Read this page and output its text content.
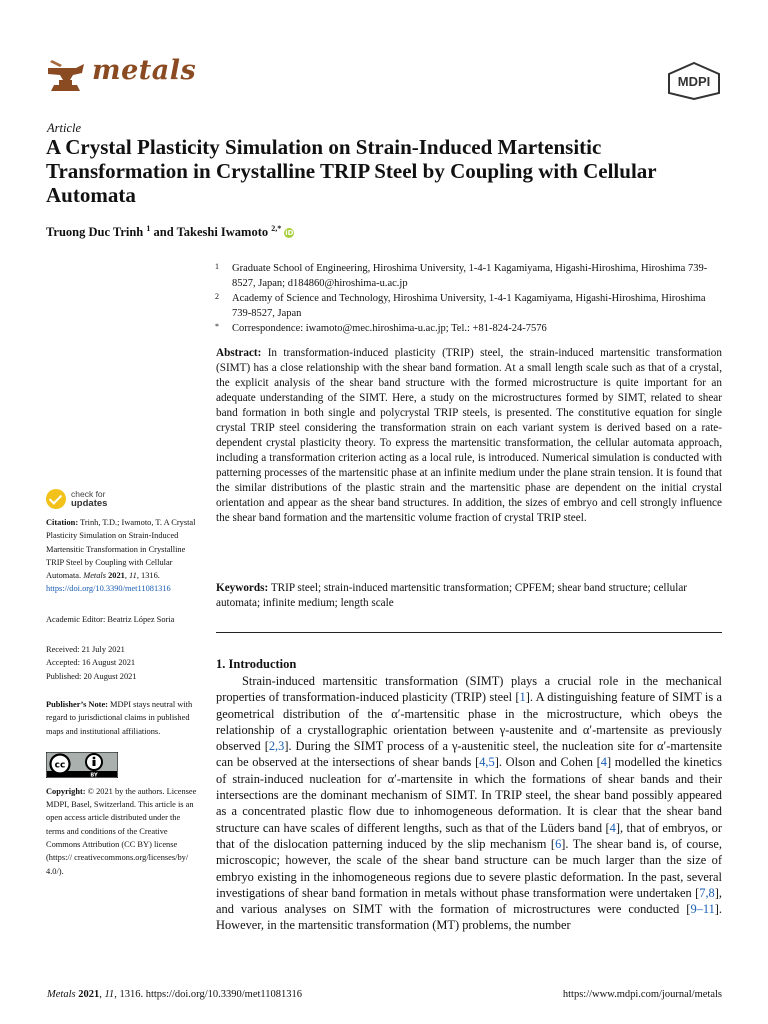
metals	MDPI
Article
A Crystal Plasticity Simulation on Strain-Induced Martensitic Transformation in Crystalline TRIP Steel by Coupling with Cellular Automata
Truong Duc Trinh $^1$ and Takeshi Iwamoto $^{2,*}$ iD
1	Graduate School of Engineering, Hiroshima University, 1-4-1 Kagamiyama, Higashi-Hiroshima, Hiroshima 739-8527, Japan; d184860@hiroshima-u.ac.jp
2	Academy of Science and Technology, Hiroshima University, 1-4-1 Kagamiyama, Higashi-Hiroshima, Hiroshima 739-8527, Japan
*	Correspondence: iwamoto@mec.hiroshima-u.ac.jp; Tel.: +81-824-24-7576

Abstract: In transformation-induced plasticity (TRIP) steel, the strain-induced martensitic transformation (SIMT) has a close relationship with the shear band formation. At a small length scale such as that of a crystal, the explicit analysis of the shear band structure with the formed microstructure is quite important for an adequate understanding of the SIMT. Here, a study on the microstructures formed by SIMT, related to shear band formation in both single and polycrystal TRIP steels, is presented. The constitutive equation for single crystal TRIP steel considering the transformation strain on each variant system is derived based on a rate-dependent crystal plasticity theory. To express the martensitic transformation, the cellular automata approach, including a transformation criterion acting as a local rule, is introduced. Numerical simulation is conducted with patterning processes of the martensitic phase at an infinite medium under the plane strain tension. It is found that the similar distributions of the plastic strain and the martensitic phase are dependent on the initial crystal orientation and appear as the shear band structures. In addition, the sizes of embryo and cell strongly influence the shear band formation and the martensitic volume fraction of crystal TRIP steel.

Keywords: TRIP steel; strain-induced martensitic transformation; CPFEM; shear band structure; cellular automata; infinite medium; length scale

check for
updates
Citation: Trinh, T.D.; Iwamoto, T. A Crystal Plasticity Simulation on Strain-Induced Martensitic Transformation in Crystalline TRIP Steel by Coupling with Cellular Automata. Metals 2021, 11, 1316. https://doi.org/10.3390/met11081316
Academic Editor: Beatriz López Soria
Received: 21 July 2021
Accepted: 16 August 2021
Published: 20 August 2021
Publisher’s Note: MDPI stays neutral with regard to jurisdictional claims in published maps and institutional affiliations.
cc
BY
Copyright: © 2021 by the authors. Licensee MDPI, Basel, Switzerland. This article is an open access article distributed under the terms and conditions of the Creative Commons Attribution (CC BY) license (https:// creativecommons.org/licenses/by/ 4.0/).
1. Introduction

Strain-induced martensitic transformation (SIMT) plays a crucial role in the mechanical properties of transformation-induced plasticity (TRIP) steel [1]. A distinguishing feature of SIMT is a geometrical distribution of the α′-martensitic phase in the microstructure, which obeys the relationship of a crystallographic orientation between γ-austenite and α′-martensite as previously observed [2,3]. During the SIMT process of a γ-austenitic steel, the nucleation site for α′-martensite can be observed at the intersections of shear bands [4,5]. Olson and Cohen [4] modelled the kinetics of strain-induced nucleation for α′-martensite in which the formations of shear bands and their intersections are the dominant mechanism of SIMT. In TRIP steel, the shear band possibly appeared as a concentrated plastic flow due to inhomogeneous deformation. It is clear that the shear band structure can have scales of different lengths, such as that of the Lüders band [4], that of embryos, or that of the dislocation patterning induced by the slip mechanism [6]. The shear band is, of course, microscopic; however, the scale of the shear band structure can be much larger than the size of embryo existing in the inhomogeneous regions due to severe plastic deformation. In the past, several investigations of shear band formation in metals without phase transformation were undertaken [7,8], and various analyses on SIMT with the formation of microstructures were conducted [9–11]. However, in the martensitic transformation (MT) problems, the number

Metals 2021, 11, 1316. https://doi.org/10.3390/met11081316	https://www.mdpi.com/journal/metals
